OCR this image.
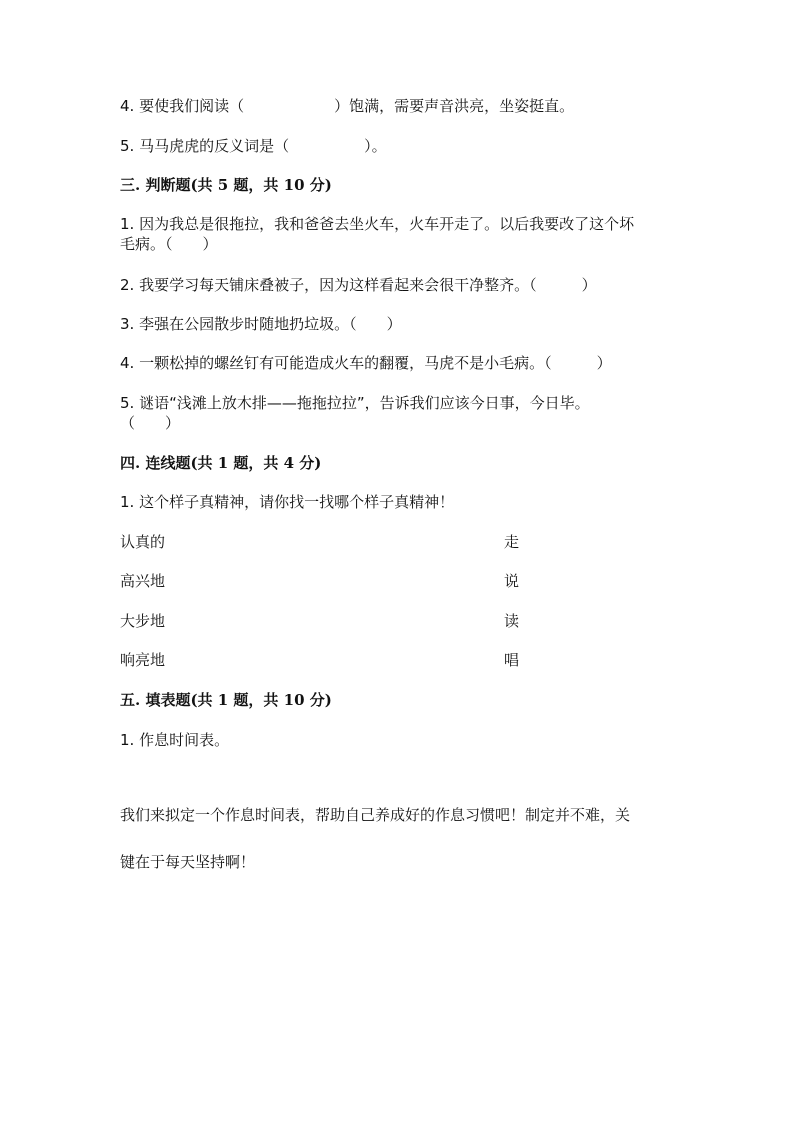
4. 要使我们阅读（　　　　　　）饱满，需要声音洪亮，坐姿挺直。
5. 马马虎虎的反义词是（　　　　　）。
三. 判断题(共 5 题，共 10 分)
1. 因为我总是很拖拉，我和爸爸去坐火车，火车开走了。以后我要改了这个坏
毛病。（　　）
2. 我要学习每天铺床叠被子，因为这样看起来会很干净整齐。（　　　）
3. 李强在公园散步时随地扔垃圾。（　　）
4. 一颗松掉的螺丝钉有可能造成火车的翻覆，马虎不是小毛病。（　　　）
5. 谜语“浅滩上放木排——拖拖拉拉”，告诉我们应该今日事，今日毕。
（　　）
四. 连线题(共 1 题，共 4 分)
1. 这个样子真精神，请你找一找哪个样子真精神！
认真的	走
高兴地	说
大步地	读
响亮地	唱
五. 填表题(共 1 题，共 10 分)
1. 作息时间表。
我们来拟定一个作息时间表，帮助自己养成好的作息习惯吧！制定并不难，关
键在于每天坚持啊！
